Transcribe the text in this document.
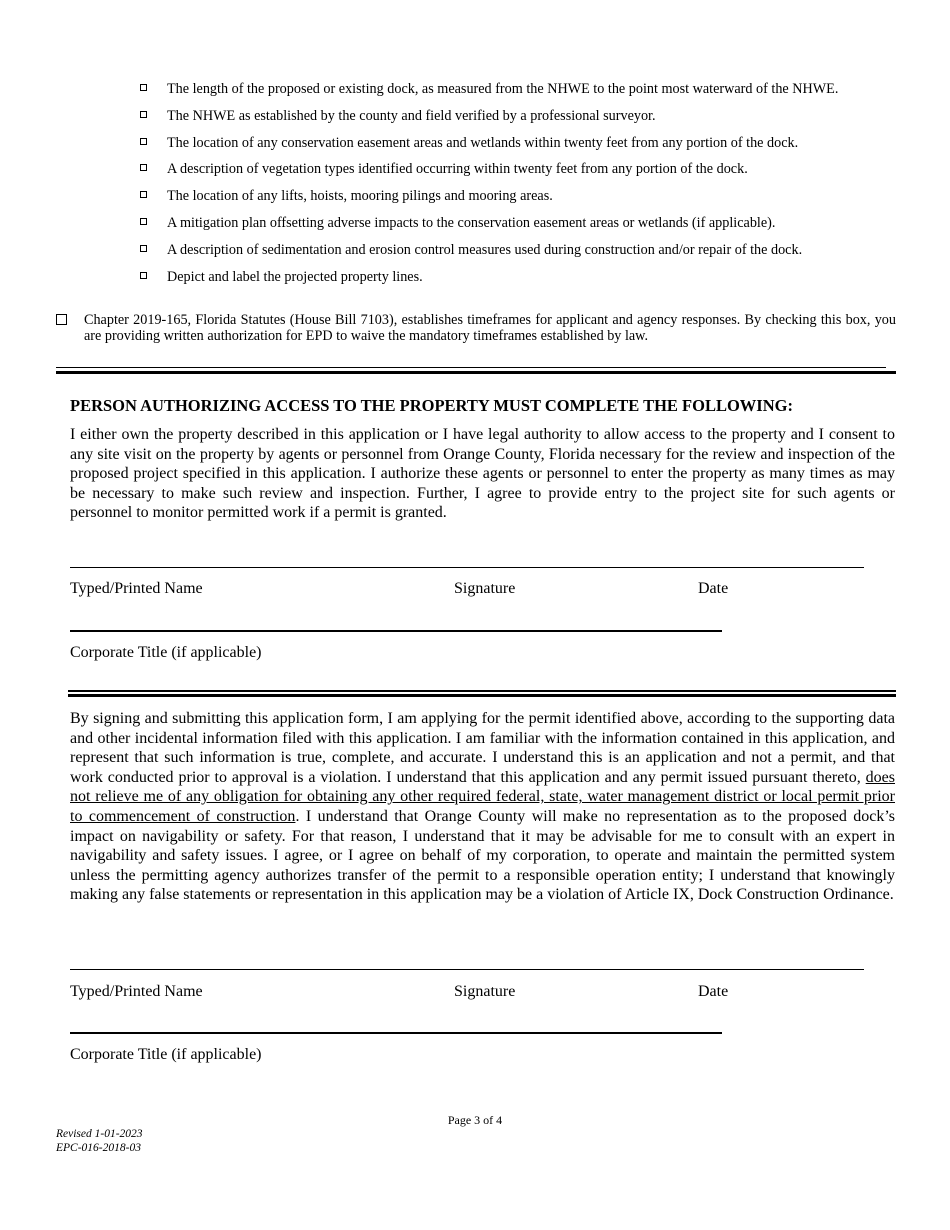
The length of the proposed or existing dock, as measured from the NHWE to the point most waterward of the NHWE.
The NHWE as established by the county and field verified by a professional surveyor.
The location of any conservation easement areas and wetlands within twenty feet from any portion of the dock.
A description of vegetation types identified occurring within twenty feet from any portion of the dock.
The location of any lifts, hoists, mooring pilings and mooring areas.
A mitigation plan offsetting adverse impacts to the conservation easement areas or wetlands (if applicable).
A description of sedimentation and erosion control measures used during construction and/or repair of the dock.
Depict and label the projected property lines.
Chapter 2019-165, Florida Statutes (House Bill 7103), establishes timeframes for applicant and agency responses. By checking this box, you are providing written authorization for EPD to waive the mandatory timeframes established by law.
PERSON AUTHORIZING ACCESS TO THE PROPERTY MUST COMPLETE THE FOLLOWING:
I either own the property described in this application or I have legal authority to allow access to the property and I consent to any site visit on the property by agents or personnel from Orange County, Florida necessary for the review and inspection of the proposed project specified in this application. I authorize these agents or personnel to enter the property as many times as may be necessary to make such review and inspection. Further, I agree to provide entry to the project site for such agents or personnel to monitor permitted work if a permit is granted.
Typed/Printed Name	Signature	Date
Corporate Title (if applicable)
By signing and submitting this application form, I am applying for the permit identified above, according to the supporting data and other incidental information filed with this application. I am familiar with the information contained in this application, and represent that such information is true, complete, and accurate. I understand this is an application and not a permit, and that work conducted prior to approval is a violation. I understand that this application and any permit issued pursuant thereto, does not relieve me of any obligation for obtaining any other required federal, state, water management district or local permit prior to commencement of construction. I understand that Orange County will make no representation as to the proposed dock’s impact on navigability or safety. For that reason, I understand that it may be advisable for me to consult with an expert in navigability and safety issues. I agree, or I agree on behalf of my corporation, to operate and maintain the permitted system unless the permitting agency authorizes transfer of the permit to a responsible operation entity; I understand that knowingly making any false statements or representation in this application may be a violation of Article IX, Dock Construction Ordinance.
Typed/Printed Name	Signature	Date
Corporate Title (if applicable)
Page 3 of 4
Revised 1-01-2023
EPC-016-2018-03
